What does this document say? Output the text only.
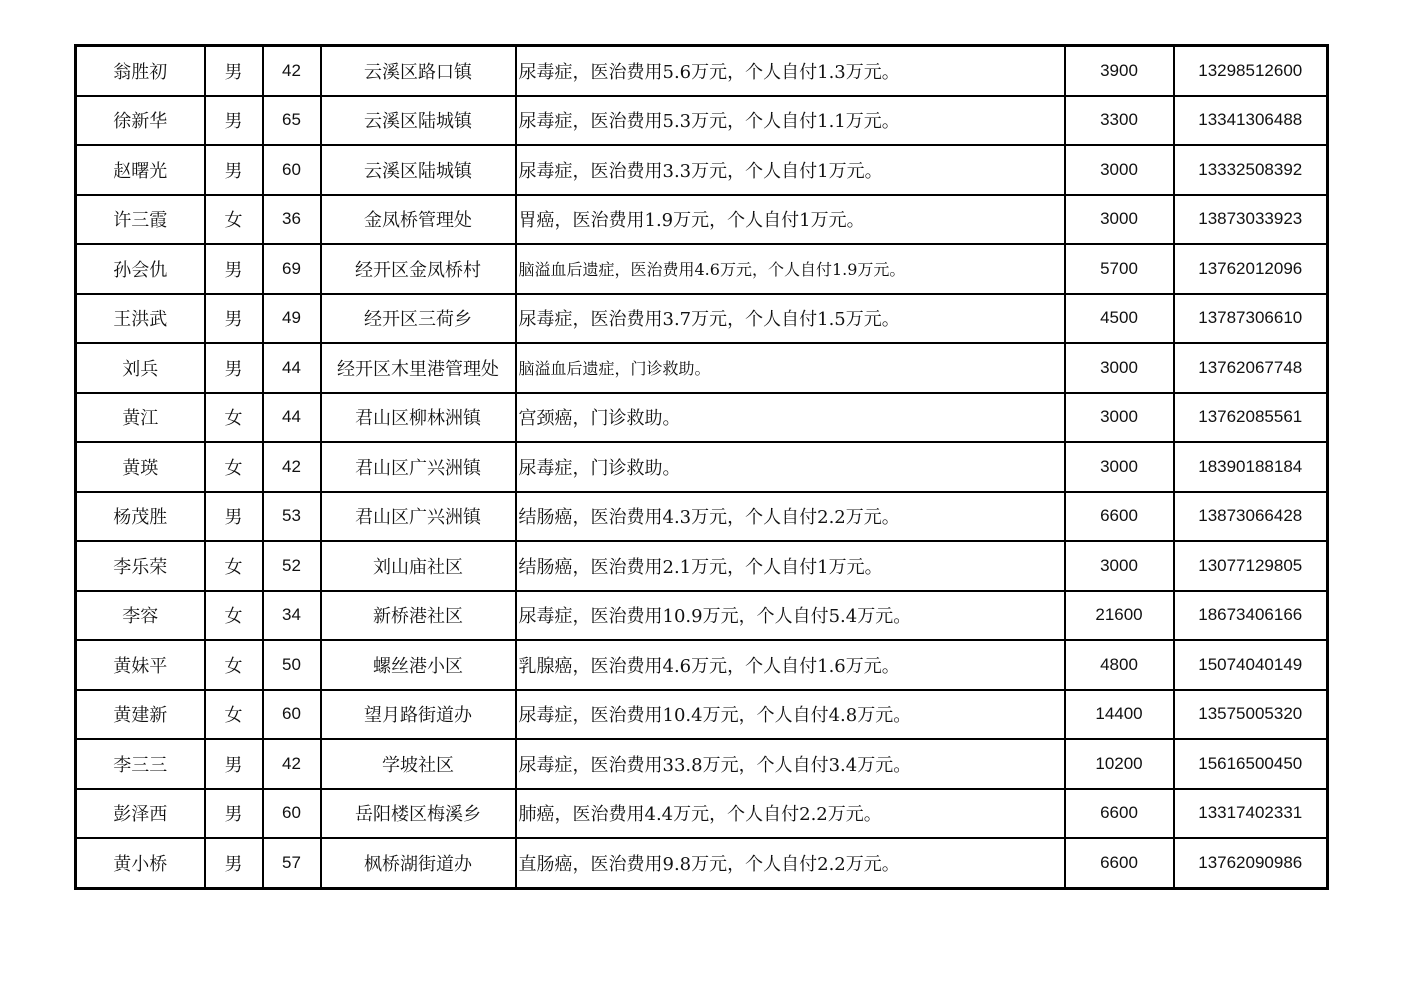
翁胜初	男	42	云溪区路口镇	尿毒症，医治费用5.6万元，个人自付1.3万元。	3900	13298512600
徐新华	男	65	云溪区陆城镇	尿毒症，医治费用5.3万元，个人自付1.1万元。	3300	13341306488
赵曙光	男	60	云溪区陆城镇	尿毒症，医治费用3.3万元，个人自付1万元。	3000	13332508392
许三霞	女	36	金凤桥管理处	胃癌，医治费用1.9万元，个人自付1万元。	3000	13873033923
孙会仇	男	69	经开区金凤桥村	脑溢血后遗症，医治费用4.6万元，个人自付1.9万元。	5700	13762012096
王洪武	男	49	经开区三荷乡	尿毒症，医治费用3.7万元，个人自付1.5万元。	4500	13787306610
刘兵	男	44	经开区木里港管理处	脑溢血后遗症，门诊救助。	3000	13762067748
黄江	女	44	君山区柳林洲镇	宫颈癌，门诊救助。	3000	13762085561
黄瑛	女	42	君山区广兴洲镇	尿毒症，门诊救助。	3000	18390188184
杨茂胜	男	53	君山区广兴洲镇	结肠癌，医治费用4.3万元，个人自付2.2万元。	6600	13873066428
李乐荣	女	52	刘山庙社区	结肠癌，医治费用2.1万元，个人自付1万元。	3000	13077129805
李容	女	34	新桥港社区	尿毒症，医治费用10.9万元，个人自付5.4万元。	21600	18673406166
黄妹平	女	50	螺丝港小区	乳腺癌，医治费用4.6万元，个人自付1.6万元。	4800	15074040149
黄建新	女	60	望月路街道办	尿毒症，医治费用10.4万元，个人自付4.8万元。	14400	13575005320
李三三	男	42	学坡社区	尿毒症，医治费用33.8万元，个人自付3.4万元。	10200	15616500450
彭泽西	男	60	岳阳楼区梅溪乡	肺癌，医治费用4.4万元，个人自付2.2万元。	6600	13317402331
黄小桥	男	57	枫桥湖街道办	直肠癌，医治费用9.8万元，个人自付2.2万元。	6600	13762090986
